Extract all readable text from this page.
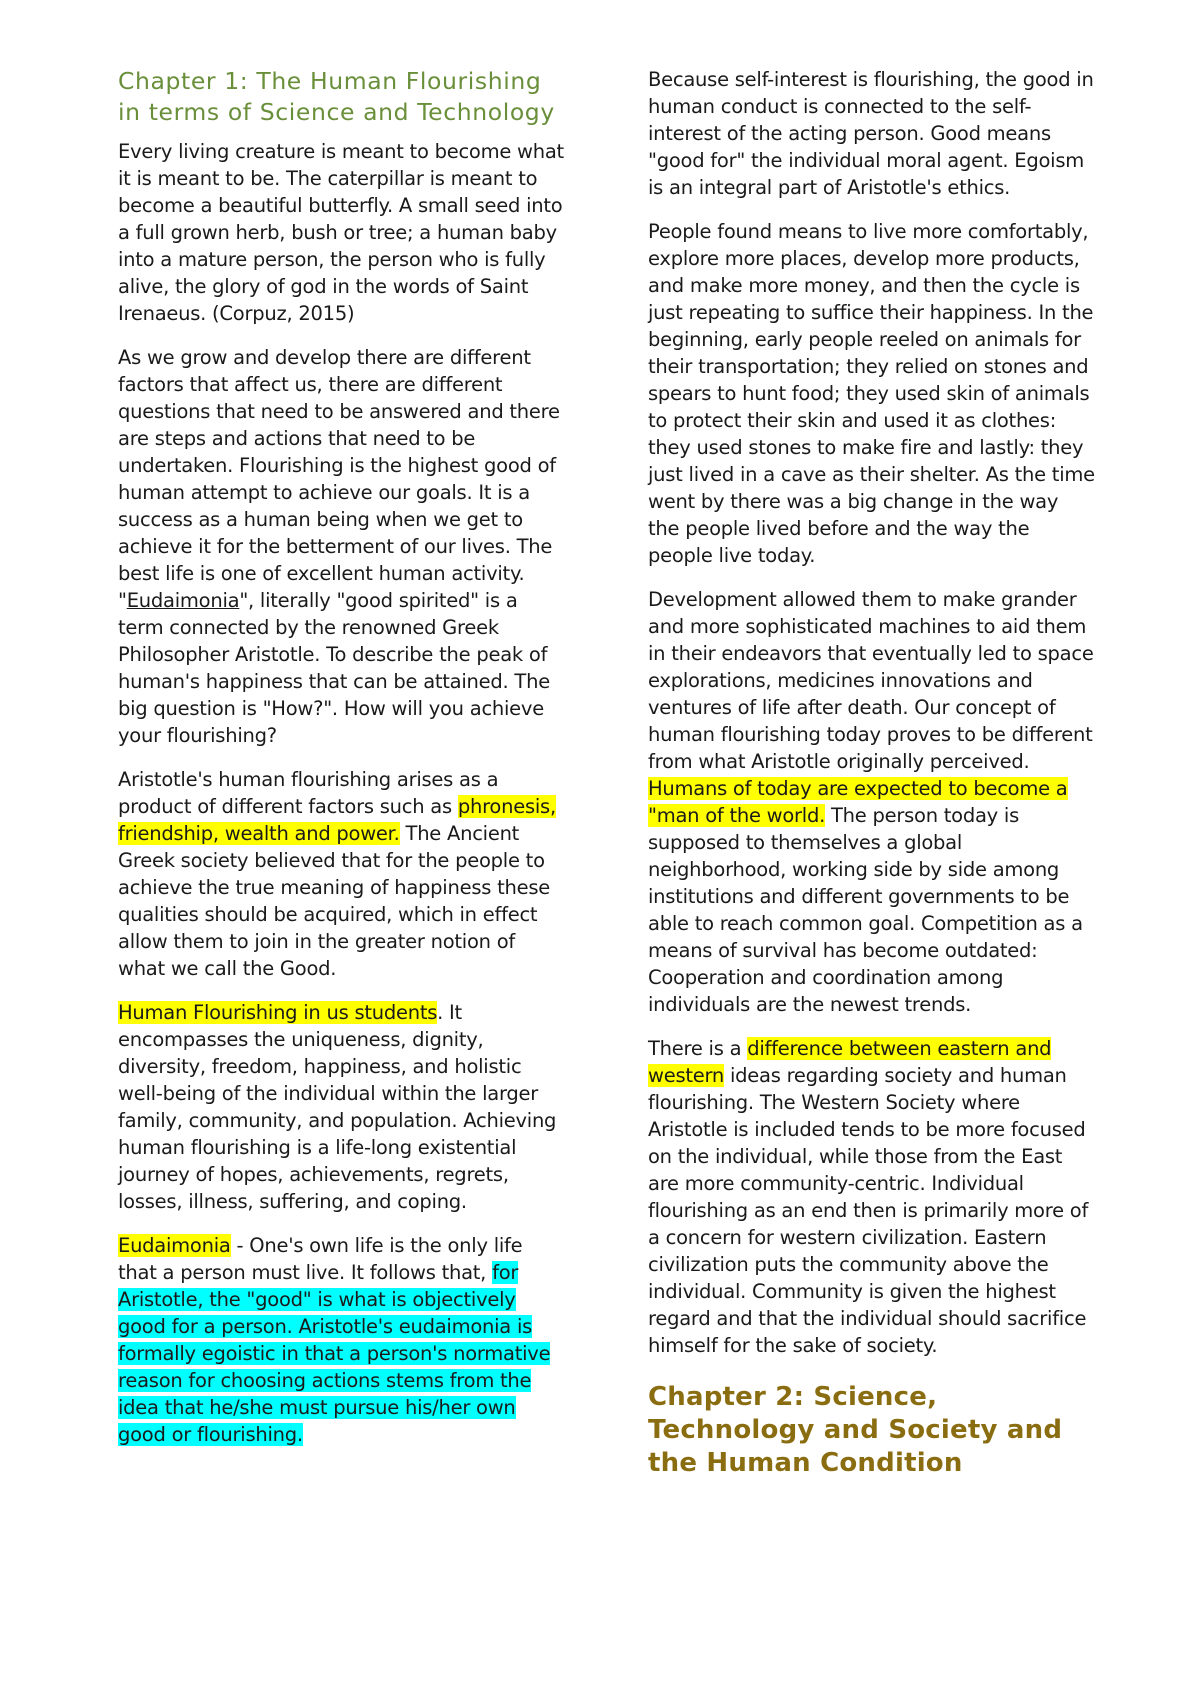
Chapter 1: The Human Flourishing in terms of Science and Technology

Every living creature is meant to become what it is meant to be. The caterpillar is meant to become a beautiful butterfly. A small seed into a full grown herb, bush or tree; a human baby into a mature person, the person who is fully alive, the glory of god in the words of Saint Irenaeus. (Corpuz, 2015)

As we grow and develop there are different factors that affect us, there are different questions that need to be answered and there are steps and actions that need to be undertaken. Flourishing is the highest good of human attempt to achieve our goals. It is a success as a human being when we get to achieve it for the betterment of our lives. The best life is one of excellent human activity. "Eudaimonia", literally "good spirited" is a term connected by the renowned Greek Philosopher Aristotle. To describe the peak of human's happiness that can be attained. The big question is "How?". How will you achieve your flourishing?

Aristotle's human flourishing arises as a product of different factors such as phronesis, friendship, wealth and power. The Ancient Greek society believed that for the people to achieve the true meaning of happiness these qualities should be acquired, which in effect allow them to join in the greater notion of what we call the Good.

Human Flourishing in us students. It encompasses the uniqueness, dignity, diversity, freedom, happiness, and holistic well-being of the individual within the larger family, community, and population. Achieving human flourishing is a life-long existential journey of hopes, achievements, regrets, losses, illness, suffering, and coping.

Eudaimonia - One's own life is the only life that a person must live. It follows that, for Aristotle, the "good" is what is objectively good for a person. Aristotle's eudaimonia is formally egoistic in that a person's normative reason for choosing actions stems from the idea that he/she must pursue his/her own good or flourishing.

Because self-interest is flourishing, the good in human conduct is connected to the self-interest of the acting person. Good means "good for" the individual moral agent. Egoism is an integral part of Aristotle's ethics.

People found means to live more comfortably, explore more places, develop more products, and make more money, and then the cycle is just repeating to suffice their happiness. In the beginning, early people reeled on animals for their transportation; they relied on stones and spears to hunt food; they used skin of animals to protect their skin and used it as clothes: they used stones to make fire and lastly: they just lived in a cave as their shelter. As the time went by there was a big change in the way the people lived before and the way the people live today.

Development allowed them to make grander and more sophisticated machines to aid them in their endeavors that eventually led to space explorations, medicines innovations and ventures of life after death. Our concept of human flourishing today proves to be different from what Aristotle originally perceived. Humans of today are expected to become a "man of the world. The person today is supposed to themselves a global neighborhood, working side by side among institutions and different governments to be able to reach common goal. Competition as a means of survival has become outdated: Cooperation and coordination among individuals are the newest trends.

There is a difference between eastern and western ideas regarding society and human flourishing. The Western Society where Aristotle is included tends to be more focused on the individual, while those from the East are more community-centric. Individual flourishing as an end then is primarily more of a concern for western civilization. Eastern civilization puts the community above the individual. Community is given the highest regard and that the individual should sacrifice himself for the sake of society.

Chapter 2: Science, Technology and Society and the Human Condition
